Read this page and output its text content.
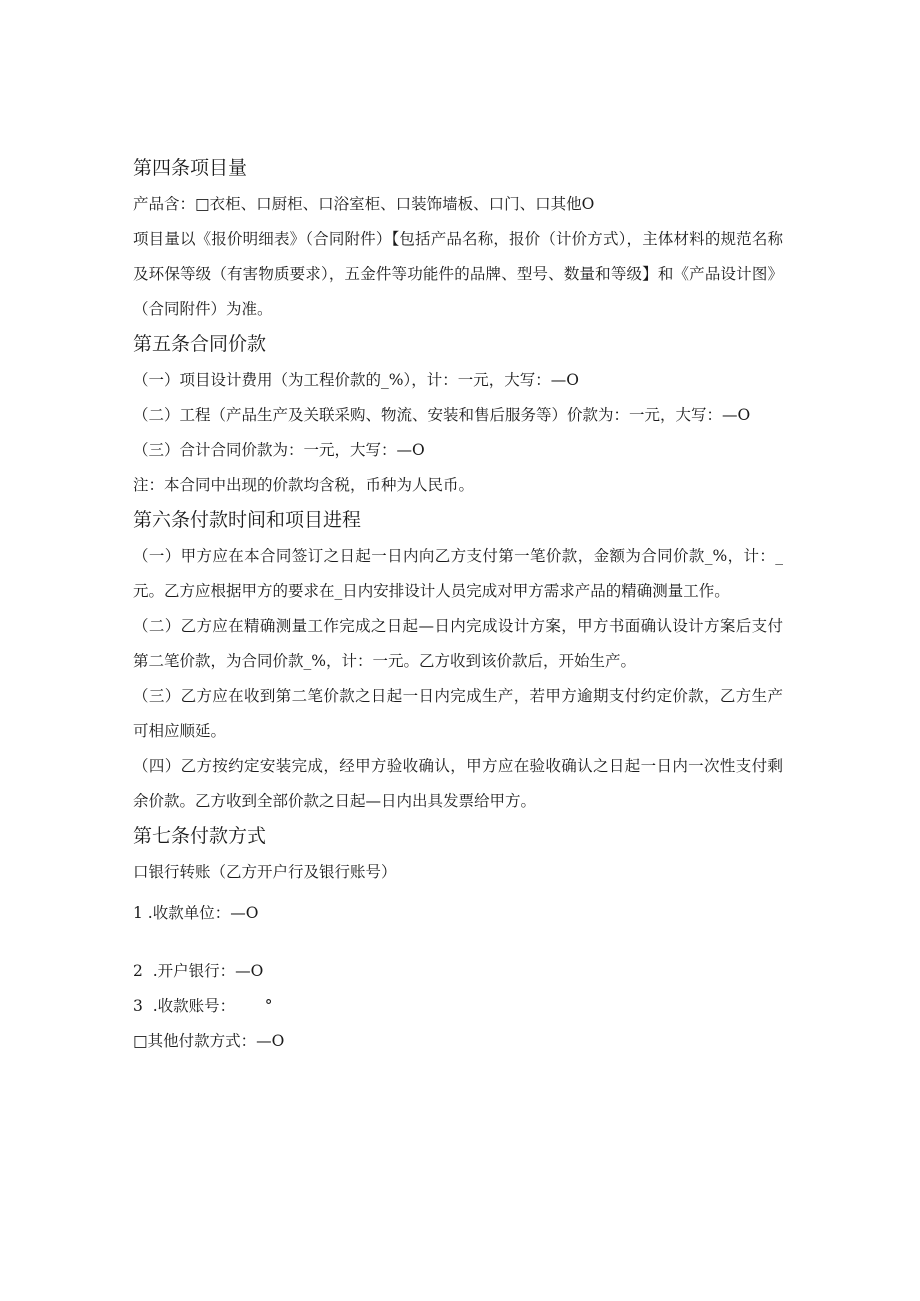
第四条项目量

产品含：□衣柜、口厨柜、口浴室柜、口装饰墙板、口门、口其他O

项目量以《报价明细表》（合同附件）【包括产品名称，报价（计价方式），主体材料的规范名称及环保等级（有害物质要求），五金件等功能件的品牌、型号、数量和等级】和《产品设计图》（合同附件）为准。

第五条合同价款

（一）项目设计费用（为工程价款的_%），计：一元，大写：—O

（二）工程（产品生产及关联采购、物流、安装和售后服务等）价款为：一元，大写：—O

（三）合计合同价款为：一元，大写：—O

注：本合同中出现的价款均含税，币种为人民币。

第六条付款时间和项目进程

（一）甲方应在本合同签订之日起一日内向乙方支付第一笔价款，金额为合同价款_%，计：_元。乙方应根据甲方的要求在_日内安排设计人员完成对甲方需求产品的精确测量工作。

（二）乙方应在精确测量工作完成之日起—日内完成设计方案，甲方书面确认设计方案后支付第二笔价款，为合同价款_%，计：一元。乙方收到该价款后，开始生产。

（三）乙方应在收到第二笔价款之日起一日内完成生产，若甲方逾期支付约定价款，乙方生产可相应顺延。

（四）乙方按约定安装完成，经甲方验收确认，甲方应在验收确认之日起一日内一次性支付剩余价款。乙方收到全部价款之日起—日内出具发票给甲方。

第七条付款方式

口银行转账（乙方开户行及银行账号）

1 .收款单位：—O

2  .开户银行：—O

3  .收款账号：      °

□其他付款方式：—O
